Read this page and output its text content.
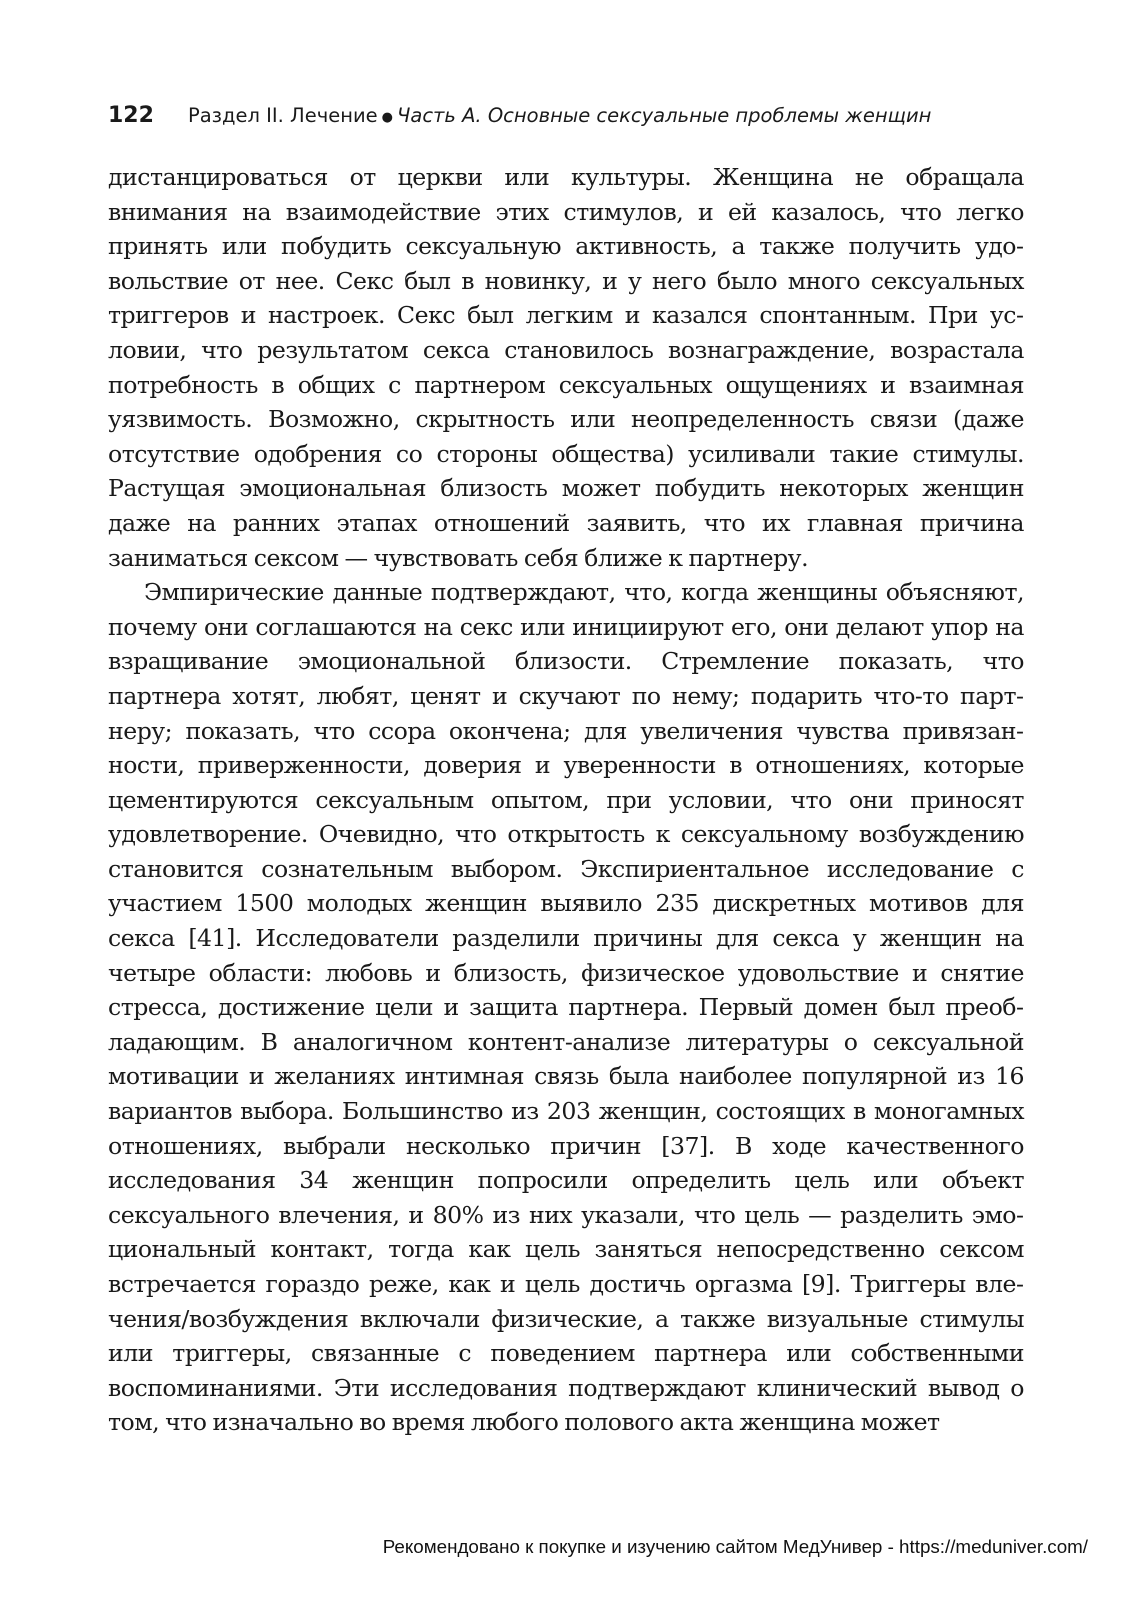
122 Раздел II. Лечение ● Часть А. Основные сексуальные проблемы женщин

дистанцироваться от церкви или культуры. Женщина не обращала внимания на взаимодействие этих стимулов, и ей казалось, что легко принять или побудить сексуальную активность, а также получить удовольствие от нее. Секс был в новинку, и у него было много сексуальных триггеров и настроек. Секс был легким и казался спонтанным. При условии, что результатом секса становилось вознаграждение, возрастала потребность в общих с партнером сексуальных ощущениях и взаимная уязвимость. Возможно, скрытность или неопределенность связи (даже отсутствие одобрения со стороны общества) усиливали такие стимулы. Растущая эмоциональная близость может побудить некоторых женщин даже на ранних этапах отношений заявить, что их главная причина заниматься сексом — чувствовать себя ближе к партнеру.

Эмпирические данные подтверждают, что, когда женщины объясняют, почему они соглашаются на секс или инициируют его, они делают упор на взращивание эмоциональной близости. Стремление показать, что партнера хотят, любят, ценят и скучают по нему; подарить что-то партнеру; показать, что ссора окончена; для увеличения чувства привязанности, приверженности, доверия и уверенности в отношениях, которые цементируются сексуальным опытом, при условии, что они приносят удовлетворение. Очевидно, что открытость к сексуальному возбуждению становится сознательным выбором. Экспириентальное исследование с участием 1500 молодых женщин выявило 235 дискретных мотивов для секса [41]. Исследователи разделили причины для секса у женщин на четыре области: любовь и близость, физическое удовольствие и снятие стресса, достижение цели и защита партнера. Первый домен был преобладающим. В аналогичном контент-анализе литературы о сексуальной мотивации и желаниях интимная связь была наиболее популярной из 16 вариантов выбора. Большинство из 203 женщин, состоящих в моногамных отношениях, выбрали несколько причин [37]. В ходе качественного исследования 34 женщин попросили определить цель или объект сексуального влечения, и 80% из них указали, что цель — разделить эмоциональный контакт, тогда как цель заняться непосредственно сексом встречается гораздо реже, как и цель достичь оргазма [9]. Триггеры влечения/возбуждения включали физические, а также визуальные стимулы или триггеры, связанные с поведением партнера или собственными воспоминаниями. Эти исследования подтверждают клинический вывод о том, что изначально во время любого полового акта женщина может

Рекомендовано к покупке и изучению сайтом МедУнивер - https://meduniver.com/
